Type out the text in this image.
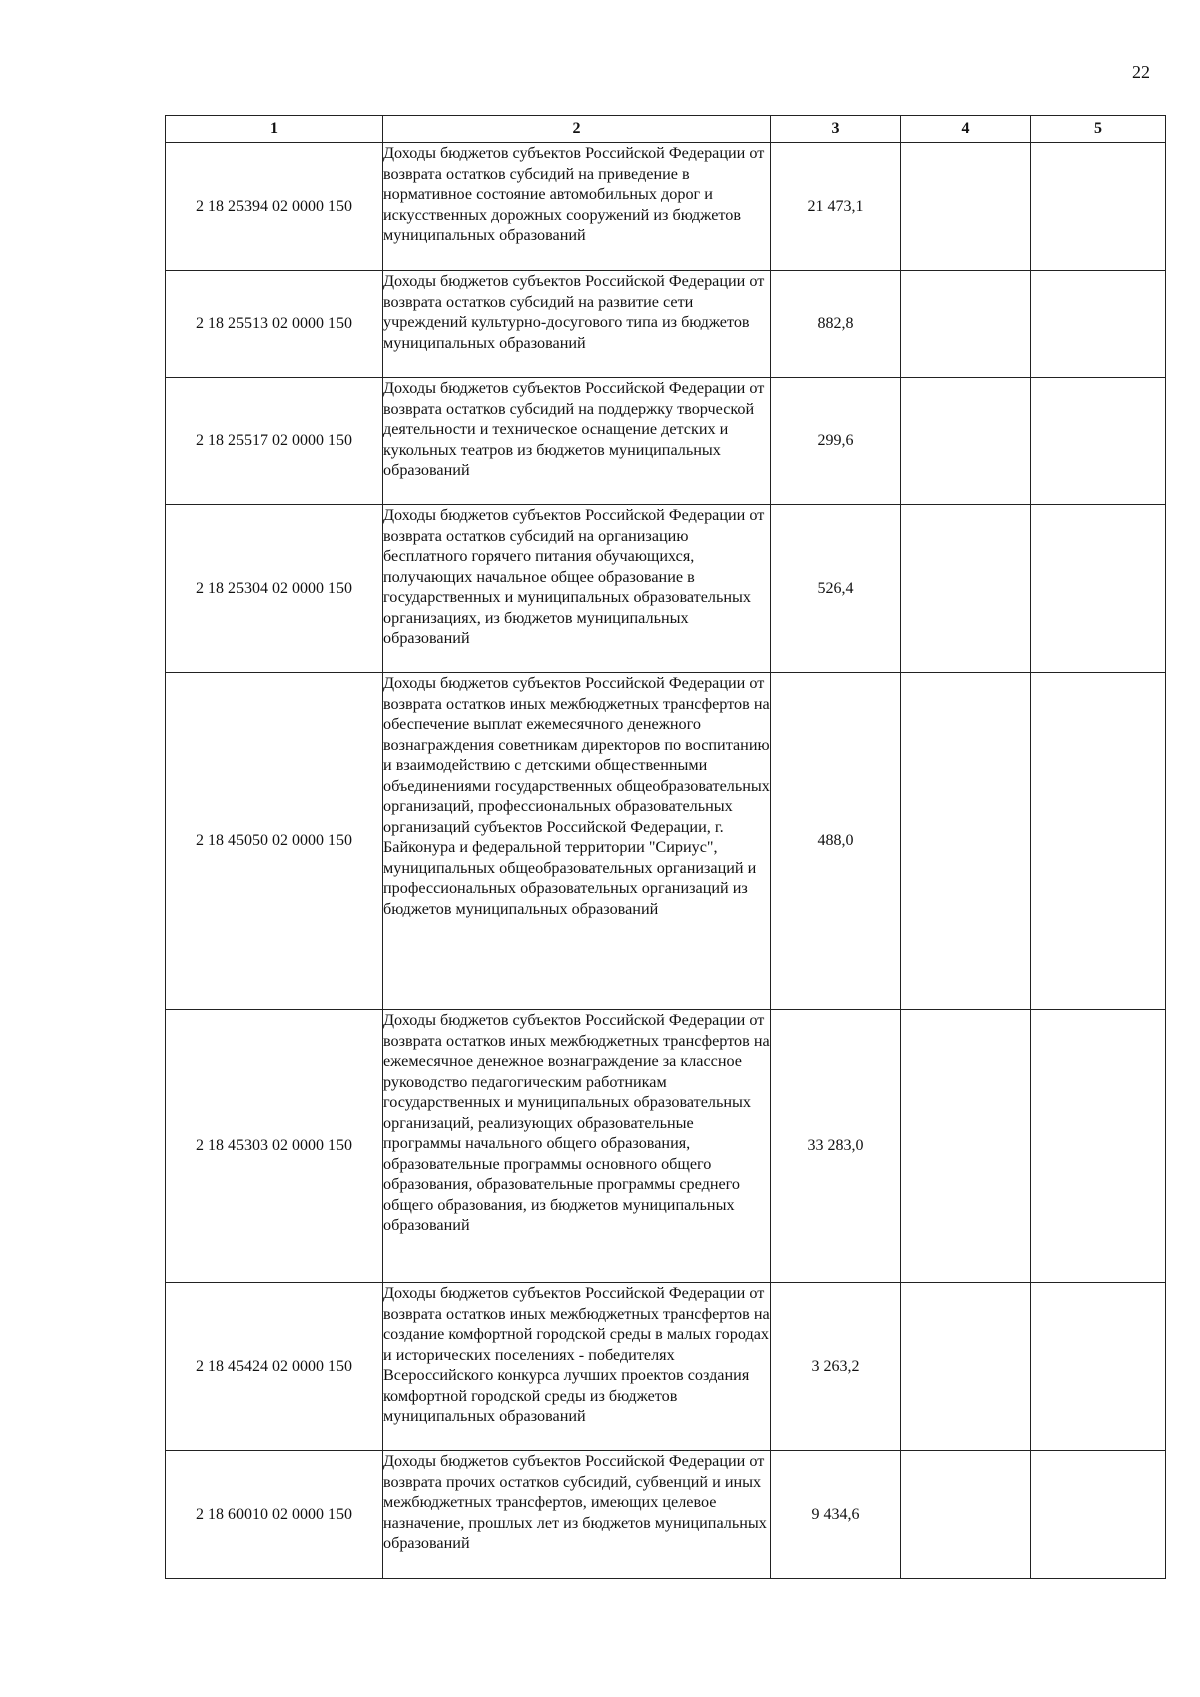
22
1	2	3	4	5
2 18 25394 02 0000 150	Доходы бюджетов субъектов Российской Федерации от возврата остатков субсидий на приведение в нормативное состояние автомобильных дорог и искусственных дорожных сооружений из бюджетов муниципальных образований	21 473,1		
2 18 25513 02 0000 150	Доходы бюджетов субъектов Российской Федерации от возврата остатков субсидий на развитие сети учреждений культурно-досугового типа из бюджетов муниципальных образований	882,8		
2 18 25517 02 0000 150	Доходы бюджетов субъектов Российской Федерации от возврата остатков субсидий на поддержку творческой деятельности и техническое оснащение детских и кукольных театров из бюджетов муниципальных образований	299,6		
2 18 25304 02 0000 150	Доходы бюджетов субъектов Российской Федерации от возврата остатков субсидий на организацию бесплатного горячего питания обучающихся, получающих начальное общее образование в государственных и муниципальных образовательных организациях, из бюджетов муниципальных образований	526,4		
2 18 45050 02 0000 150	Доходы бюджетов субъектов Российской Федерации от возврата остатков иных межбюджетных трансфертов на обеспечение выплат ежемесячного денежного вознаграждения советникам директоров по воспитанию и взаимодействию с детскими общественными объединениями государственных общеобразовательных организаций, профессиональных образовательных организаций субъектов Российской Федерации, г. Байконура и федеральной территории "Сириус", муниципальных общеобразовательных организаций и профессиональных образовательных организаций из бюджетов муниципальных образований	488,0		
2 18 45303 02 0000 150	Доходы бюджетов субъектов Российской Федерации от возврата остатков иных межбюджетных трансфертов на ежемесячное денежное вознаграждение за классное руководство педагогическим работникам государственных и муниципальных образовательных организаций, реализующих образовательные программы начального общего образования, образовательные программы основного общего образования, образовательные программы среднего общего образования, из бюджетов муниципальных образований	33 283,0		
2 18 45424 02 0000 150	Доходы бюджетов субъектов Российской Федерации от возврата остатков иных межбюджетных трансфертов на создание комфортной городской среды в малых городах и исторических поселениях - победителях Всероссийского конкурса лучших проектов создания комфортной городской среды из бюджетов муниципальных образований	3 263,2		
2 18 60010 02 0000 150	Доходы бюджетов субъектов Российской Федерации от возврата прочих остатков субсидий, субвенций и иных межбюджетных трансфертов, имеющих целевое назначение, прошлых лет из бюджетов муниципальных образований	9 434,6		
